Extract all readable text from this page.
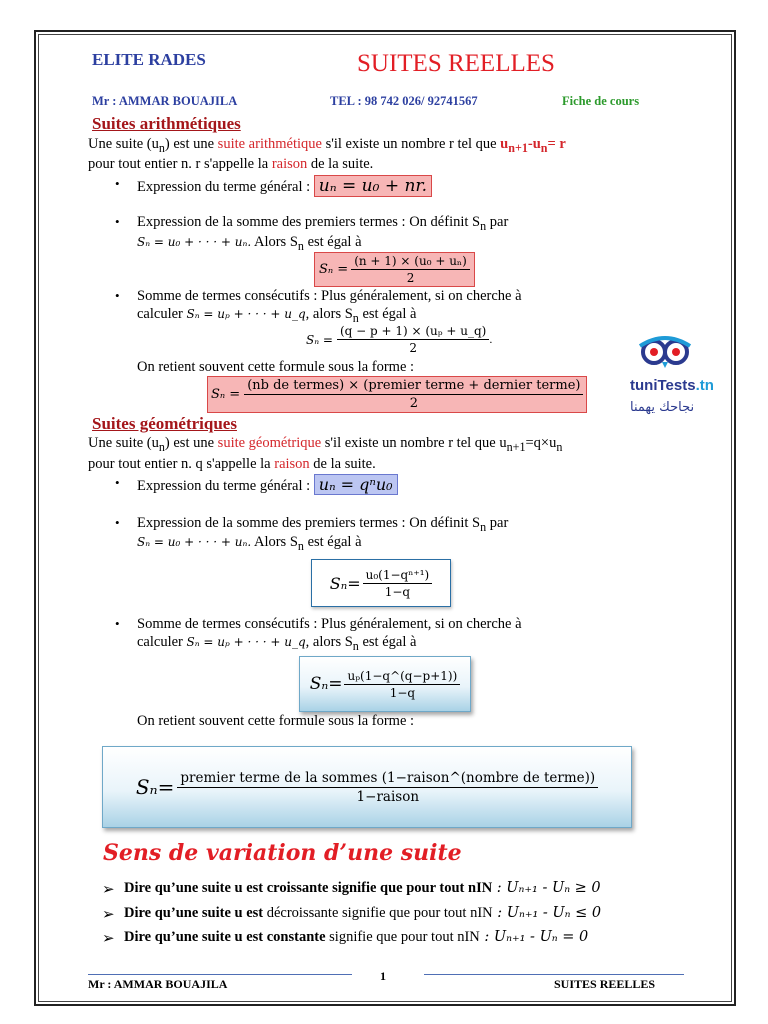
ELITE RADES	SUITES REELLES
Mr : AMMAR BOUAJILA	TEL : 98 742 026/ 92741567	Fiche de cours
Suites arithmétiques
Une suite $(u_n)$ est une suite arithmétique s'il existe un nombre r tel que $u_{n+1}-u_n= r$
pour tout entier n. r s'appelle la raison de la suite.
• Expression du terme général : uₙ = u₀ + nr.
• Expression de la somme des premiers termes : On définit $S_n$ par
Sₙ = u₀ + · · · + uₙ. Alors $S_n$ est égal à
$S_n = \frac{\text{(n + 1) × (u₀ + uₙ)}}{2}$
• Somme de termes consécutifs : Plus généralement, si on cherche à
calculer Sₙ = uₚ + · · · + u_q, alors $S_n$ est égal à
$S_n = \frac{\text{(q − p + 1) × (uₚ + u\_q)}}{2}$ .
On retient souvent cette formule sous la forme :
$S_n = \frac{\text{(nb de termes) × (premier terme + dernier terme)}}{2}$	tuniTests.tn
نجاحك يهمنا
Suites géométriques
Une suite $(u_n)$ est une suite géométrique s'il existe un nombre r tel que $u_{n+1}=q\times u_n$
pour tout entier n. q s'appelle la raison de la suite.
• Expression du terme général : uₙ = qⁿu₀
• Expression de la somme des premiers termes : On définit $S_n$ par
Sₙ = u₀ + · · · + uₙ. Alors $S_n$ est égal à
$S_n= \frac{\text{u₀(1−qⁿ⁺¹)}}{1-q}$
• Somme de termes consécutifs : Plus généralement, si on cherche à
calculer Sₙ = uₚ + · · · + u_q, alors $S_n$ est égal à
$S_n= \frac{\text{uₚ(1−q\textasciicircum{}(q−p+1))}}{1-q}$
On retient souvent cette formule sous la forme :
$S_n= \frac{\text{premier terme de la sommes (1−raison\textasciicircum{}(nombre de terme))}}{\text{1−raison}}$
Sens de variation d’une suite
➢ Dire qu’une suite u est croissante signifie que pour tout nIN : Uₙ₊₁ - Uₙ ≥ 0
➢ Dire qu’une suite u est décroissante signifie que pour tout nIN : Uₙ₊₁ - Uₙ ≤ 0
➢ Dire qu’une suite u est constante signifie que pour tout nIN : Uₙ₊₁ - Uₙ = 0
Mr : AMMAR BOUAJILA
1
SUITES REELLES
